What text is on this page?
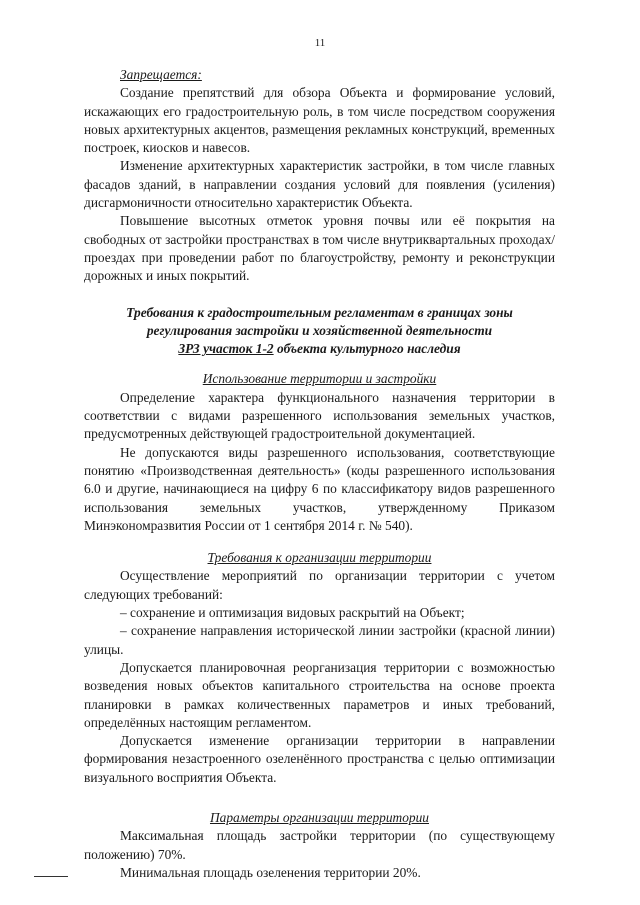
11

Запрещается:

Создание препятствий для обзора Объекта и формирование условий, искажающих его градостроительную роль, в том числе посредством сооружения новых архитектурных акцентов, размещения рекламных конструкций, временных построек, киосков и навесов.

Изменение архитектурных характеристик застройки, в том числе главных фасадов зданий, в направлении создания условий для появления (усиления) дисгармоничности относительно характеристик Объекта.

Повышение высотных отметок уровня почвы или её покрытия на свободных от застройки пространствах в том числе внутриквартальных проходах/проездах при проведении работ по благоустройству, ремонту и реконструкции дорожных и иных покрытий.

Требования к градостроительным регламентам в границах зоны
регулирования застройки и хозяйственной деятельности
ЗРЗ участок 1-2 объекта культурного наследия
Использование территории и застройки

Определение характера функционального назначения территории в соответствии с видами разрешенного использования земельных участков, предусмотренных действующей градостроительной документацией.

Не допускаются виды разрешенного использования, соответствующие понятию «Производственная деятельность» (коды разрешенного использования 6.0 и другие, начинающиеся на цифру 6 по классификатору видов разрешенного использования земельных участков, утвержденному Приказом Минэкономразвития России от 1 сентября 2014 г. № 540).

Требования к организации территории

Осуществление мероприятий по организации территории с учетом следующих требований:

– сохранение и оптимизация видовых раскрытий на Объект;

– сохранение направления исторической линии застройки (красной линии) улицы.

Допускается планировочная реорганизация территории с возможностью возведения новых объектов капитального строительства на основе проекта планировки в рамках количественных параметров и иных требований, определённых настоящим регламентом.

Допускается изменение организации территории в направлении формирования незастроенного озеленённого пространства с целью оптимизации визуального восприятия Объекта.

Параметры организации территории

Максимальная площадь застройки территории (по существующему положению) 70%.

Минимальная площадь озеленения территории 20%.
